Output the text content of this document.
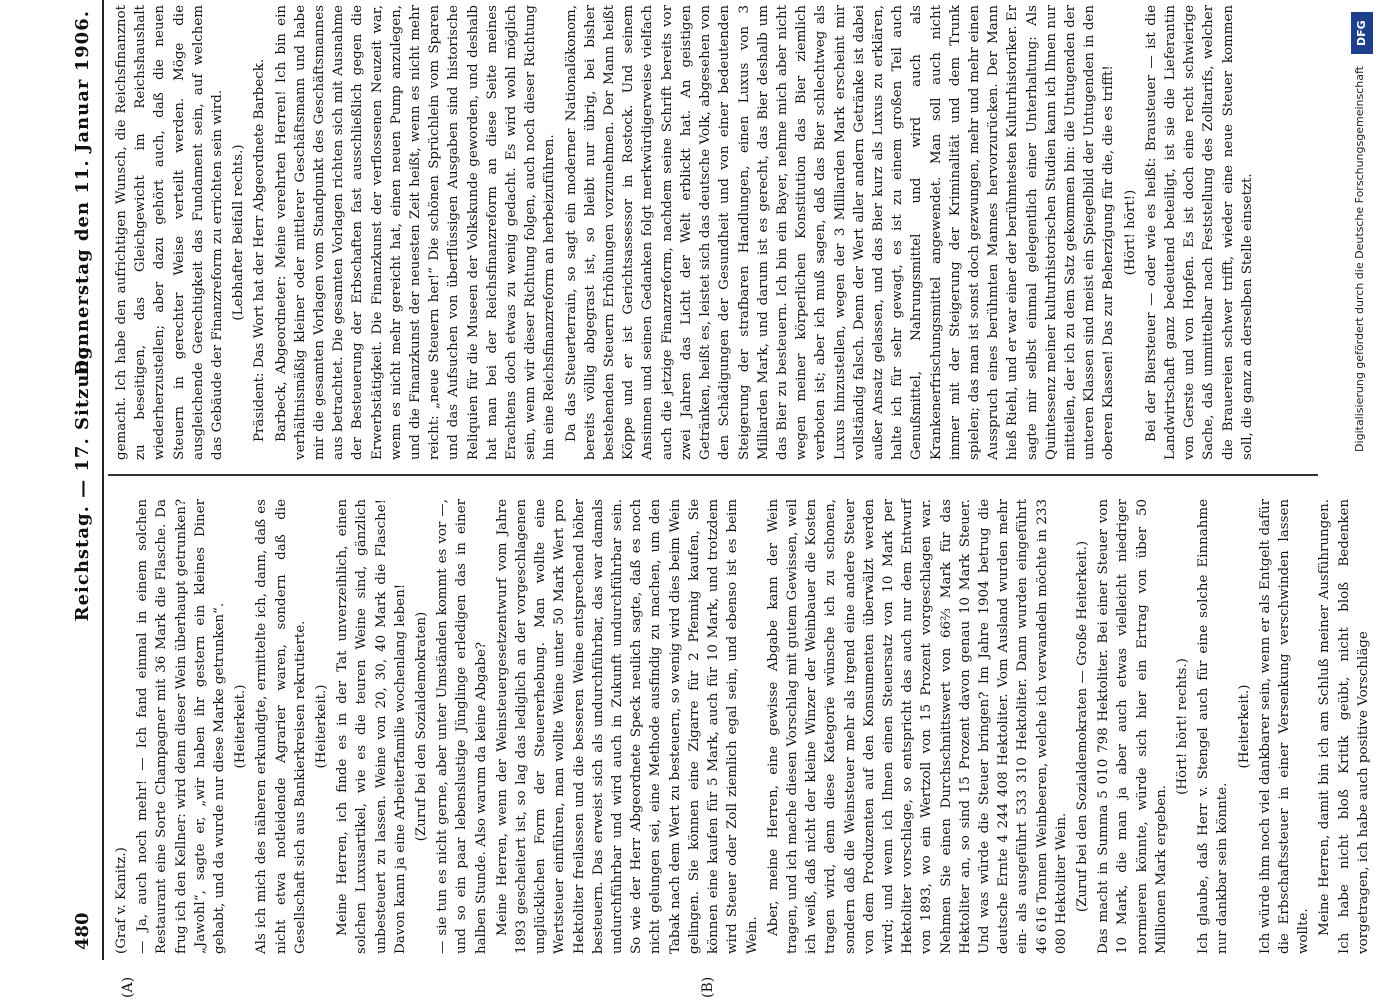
480
Reichstag. — 17. Sitzung.
Donnerstag den 11. Januar 1906.
(A)	(B)

(Graf v. Kanitz.) — Ja, auch noch mehr! — Ich fand einmal in einem solchen Restaurant eine Sorte Champagner mit 36 Mark die Flasche. Da frug ich den Kellner: wird denn dieser Wein überhaupt getrunken? „Jawohl“, sagte er, „wir haben ihr gestern ein kleines Diner gehabt, und da wurde nur diese Marke getrunken“. (Heiterkeit.) Als ich mich des näheren erkundigte, ermittelte ich, dann, daß es nicht etwa notleidende Agrarier waren, sondern daß die Gesellschaft sich aus Bankierkreisen rekrutierte. (Heiterkeit.) Meine Herren, ich finde es in der Tat unverzeihlich, einen solchen Luxusartikel, wie es die teuren Weine sind, gänzlich unbesteuert zu lassen. Weine von 20, 30, 40 Mark die Flasche! Davon kann ja eine Arbeiterfamilie wochenlang leben! (Zuruf bei den Sozialdemokraten) — sie tun es nicht gerne, aber unter Umständen kommt es vor —, und so ein paar lebenslustige Jünglinge erledigen das in einer halben Stunde. Also warum da keine Abgabe? Meine Herren, wenn der Weinsteuergesetzentwurf vom Jahre 1893 gescheitert ist, so lag das lediglich an der vorgeschlagenen unglücklichen Form der Steuererhebung. Man wollte eine Wertsteuer einführen, man wollte Weine unter 50 Mark Wert pro Hektoliter freilassen und die besseren Weine entsprechend höher besteuern. Das erweist sich als undurchführbar, das war damals undurchführbar und wird auch in Zukunft undurchführbar sein. So wie der Herr Abgeordnete Speck neulich sagte, daß es noch nicht gelungen sei, eine Methode ausfindig zu machen, um den Tabak nach dem Wert zu besteuern, so wenig wird dies beim Wein gelingen. Sie können eine Zigarre für 2 Pfennig kaufen, Sie können eine kaufen für 5 Mark, auch für 10 Mark, und trotzdem wird Steuer oder Zoll ziemlich egal sein, und ebenso ist es beim Wein. Aber, meine Herren, eine gewisse Abgabe kann der Wein tragen, und ich mache diesen Vorschlag mit gutem Gewissen, weil ich weiß, daß nicht der kleine Winzer der Weinbauer die Kosten tragen wird, denn diese Kategorie wünsche ich zu schonen, sondern daß die Weinsteuer mehr als irgend eine andere Steuer von dem Produzenten auf den Konsumenten überwälzt werden wird; und wenn ich Ihnen einen Steuersatz von 10 Mark per Hektoliter vorschlage, so entspricht das auch nur dem Entwurf von 1893, wo ein Wertzoll von 15 Prozent vorgeschlagen war. Nehmen Sie einen Durchschnittswert von 66⅔ Mark für das Hektoliter an, so sind 15 Prozent davon genau 10 Mark Steuer. Und was würde die Steuer bringen? Im Jahre 1904 betrug die deutsche Ernte 4 244 408 Hektoliter. Vom Ausland wurden mehr ein- als ausgeführt 533 310 Hektoliter. Dann wurden eingeführt 46 616 Tonnen Weinbeeren, welche ich verwandeln möchte in 233 080 Hektoliter Wein. (Zuruf bei den Sozialdemokraten — Große Heiterkeit.) Das macht in Summa 5 010 798 Hektoliter. Bei einer Steuer von 10 Mark, die man ja aber auch etwas vielleicht niedriger normieren könnte, würde sich hier ein Ertrag von über 50 Millionen Mark ergeben.

(Hört! hört! rechts.) Ich glaube, daß Herr v. Stengel auch für eine solche Einnahme nur dankbar sein könnte.

(Heiterkeit.) Ich würde ihm noch viel dankbarer sein, wenn er als Entgelt dafür die Erbschaftssteuer in einer Versenkung verschwinden lassen wollte. Meine Herren, damit bin ich am Schluß meiner Ausführungen. Ich habe nicht bloß Kritik geübt, nicht bloß Bedenken vorgetragen, ich habe auch positive Vorschläge

gemacht. Ich habe den aufrichtigen Wunsch, die Reichsfinanznot zu beseitigen, das Gleichgewicht im Reichshaushalt wiederherzustellen; aber dazu gehört auch, daß die neuen Steuern in gerechter Weise verteilt werden. Möge die ausgleichende Gerechtigkeit das Fundament sein, auf welchem das Gebäude der Finanzreform zu errichten sein wird. (Lebhafter Beifall rechts.) Präsident: Das Wort hat der Herr Abgeordnete Barbeck. Barbeck, Abgeordneter: Meine verehrten Herren! Ich bin ein verhältnismäßig kleiner oder mittlerer Geschäftsmann und habe mir die gesamten Vorlagen vom Standpunkt des Geschäftsmannes aus betrachtet. Die gesamten Vorlagen richten sich mit Ausnahme der Besteuerung der Erbschaften fast ausschließlich gegen die Erwerbstätigkeit. Die Finanzkunst der verflossenen Neuzeit war, wenn es nicht mehr gereicht hat, einen neuen Pump anzulegen, und die Finanzkunst der neuesten Zeit heißt, wenn es nicht mehr reicht: „neue Steuern her!“ Die schönen Sprüchlein vom Sparen und das Aufsuchen von überflüssigen Ausgaben sind historische Reliquien für die Museen der Volkskunde geworden, und deshalb hat man bei der Reichsfinanzreform an diese Seite meines Erachtens doch etwas zu wenig gedacht. Es wird wohl möglich sein, wenn wir dieser Richtung folgen, auch noch dieser Richtung hin eine Reichsfinanzreform an herbeizuführen. Da das Steuerterrain, so sagt ein moderner Nationalökonom, bereits völlig abgegrast ist, so bleibt nur übrig, bei bisher bestehenden Steuern Erhöhungen vorzunehmen. Der Mann heißt Köppe und er ist Gerichtsassessor in Rostock. Und seinem Ansinnen und seinen Gedanken folgt merkwürdigerweise vielfach auch die jetzige Finanzreform, nachdem seine Schrift bereits vor zwei Jahren das Licht der Welt erblickt hat. An geistigen Getränken, heißt es, leistet sich das deutsche Volk, abgesehen von den Schädigungen der Gesundheit und von einer bedeutenden Steigerung der strafbaren Handlungen, einen Luxus von 3 Milliarden Mark, und darum ist es gerecht, das Bier deshalb um das Bier zu besteuern. Ich bin ein Bayer, nehme mich aber nicht wegen meiner körperlichen Konstitution das Bier ziemlich verboten ist; aber ich muß sagen, daß das Bier schlechtweg als Luxus hinzustellen, wegen der 3 Milliarden Mark erscheint mir vollständig falsch. Denn der Wert aller andern Getränke ist dabei außer Ansatz gelassen, und das Bier kurz als Luxus zu erklären, halte ich für sehr gewagt, es ist zu einem großen Teil auch Genußmittel, Nahrungsmittel und wird auch als Krankenerfrischungsmittel angewendet. Man soll auch nicht immer mit der Steigerung der Kriminalität und dem Trunk spielen; das man ist sonst doch gezwungen, mehr und mehr einen Ausspruch eines berühmten Mannes hervorzurücken. Der Mann hieß Riehl, und er war einer der berühmtesten Kulturhistoriker. Er sagte mir selbst einmal gelegentlich einer Unterhaltung: Als Quintessenz meiner kulturhistorischen Studien kann ich Ihnen nur mitteilen, der ich zu dem Satz gekommen bin: die Untugenden der unteren Klassen sind meist ein Spiegelbild der Untugenden in den oberen Klassen! Das zur Beherzigung für die, die es trifft! (Hört! hört!) Bei der Biersteuer — oder wie es heißt: Brausteuer — ist die Landwirtschaft ganz bedeutend beteiligt, ist sie die Lieferantin von Gerste und von Hopfen. Es ist doch eine recht schwierige Sache, daß unmittelbar nach Feststellung des Zolltarifs, welcher die Brauereien schwer trifft, wieder eine neue Steuer kommen soll, die ganz an derselben Stelle einsetzt.

DFG
Digitalisierung gefördert durch die Deutsche Forschungsgemeinschaft
